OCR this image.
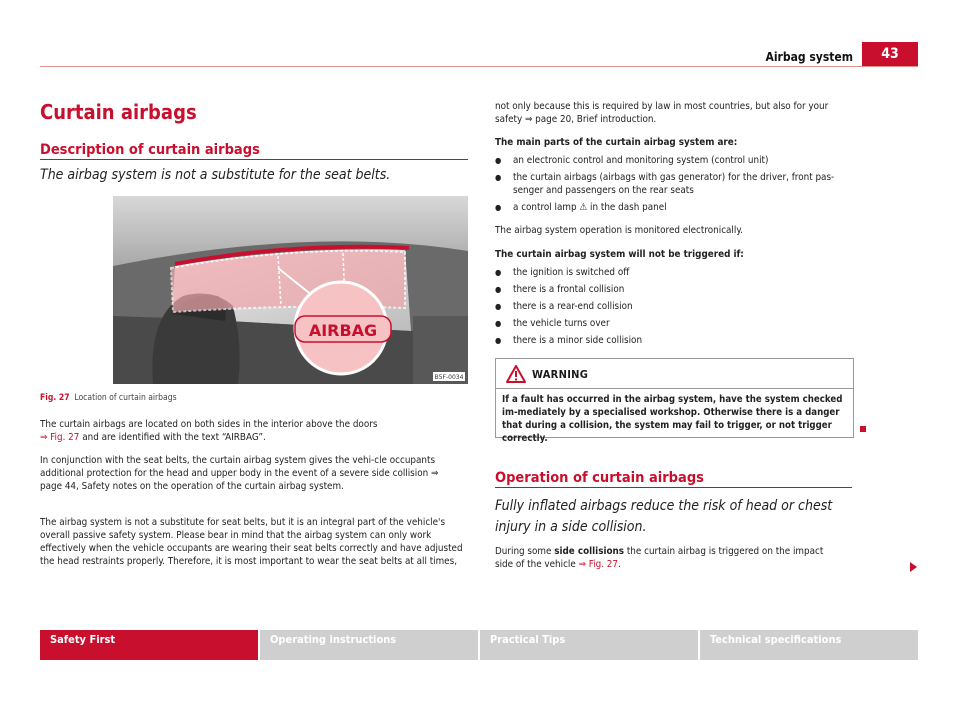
Airbag system	43
Curtain airbags
Description of curtain airbags

The airbag system is not a substitute for the seat belts.

AIRBAG
B5F-0034
Fig. 27 Location of curtain airbags

The curtain airbags are located on both sides in the interior above the doors
⇒ Fig. 27 and are identified with the text “AIRBAG”.

In conjunction with the seat belts, the curtain airbag system gives the vehi-cle occupants additional protection for the head and upper body in the event of a severe side collision ⇒ page 44, Safety notes on the operation of the curtain airbag system.

The airbag system is not a substitute for seat belts, but it is an integral part of the vehicle's overall passive safety system. Please bear in mind that the airbag system can only work effectively when the vehicle occupants are wearing their seat belts correctly and have adjusted the head restraints properly. Therefore, it is most important to wear the seat belts at all times,

not only because this is required by law in most countries, but also for your safety ⇒ page 20, Brief introduction.

The main parts of the curtain airbag system are:

● an electronic control and monitoring system (control unit)
● the curtain airbags (airbags with gas generator) for the driver, front pas-senger and passengers on the rear seats
● a control lamp ⚠ in the dash panel

The airbag system operation is monitored electronically.

The curtain airbag system will not be triggered if:

● the ignition is switched off
● there is a frontal collision
● there is a rear-end collision
● the vehicle turns over
● there is a minor side collision
WARNING
If a fault has occurred in the airbag system, have the system checked im-mediately by a specialised workshop. Otherwise there is a danger that during a collision, the system may fail to trigger, or not trigger correctly.
Operation of curtain airbags

Fully inflated airbags reduce the risk of head or chest injury in a side collision.

During some side collisions the curtain airbag is triggered on the impact side of the vehicle ⇒ Fig. 27.

Safety First	Operating instructions	Practical Tips	Technical specifications
